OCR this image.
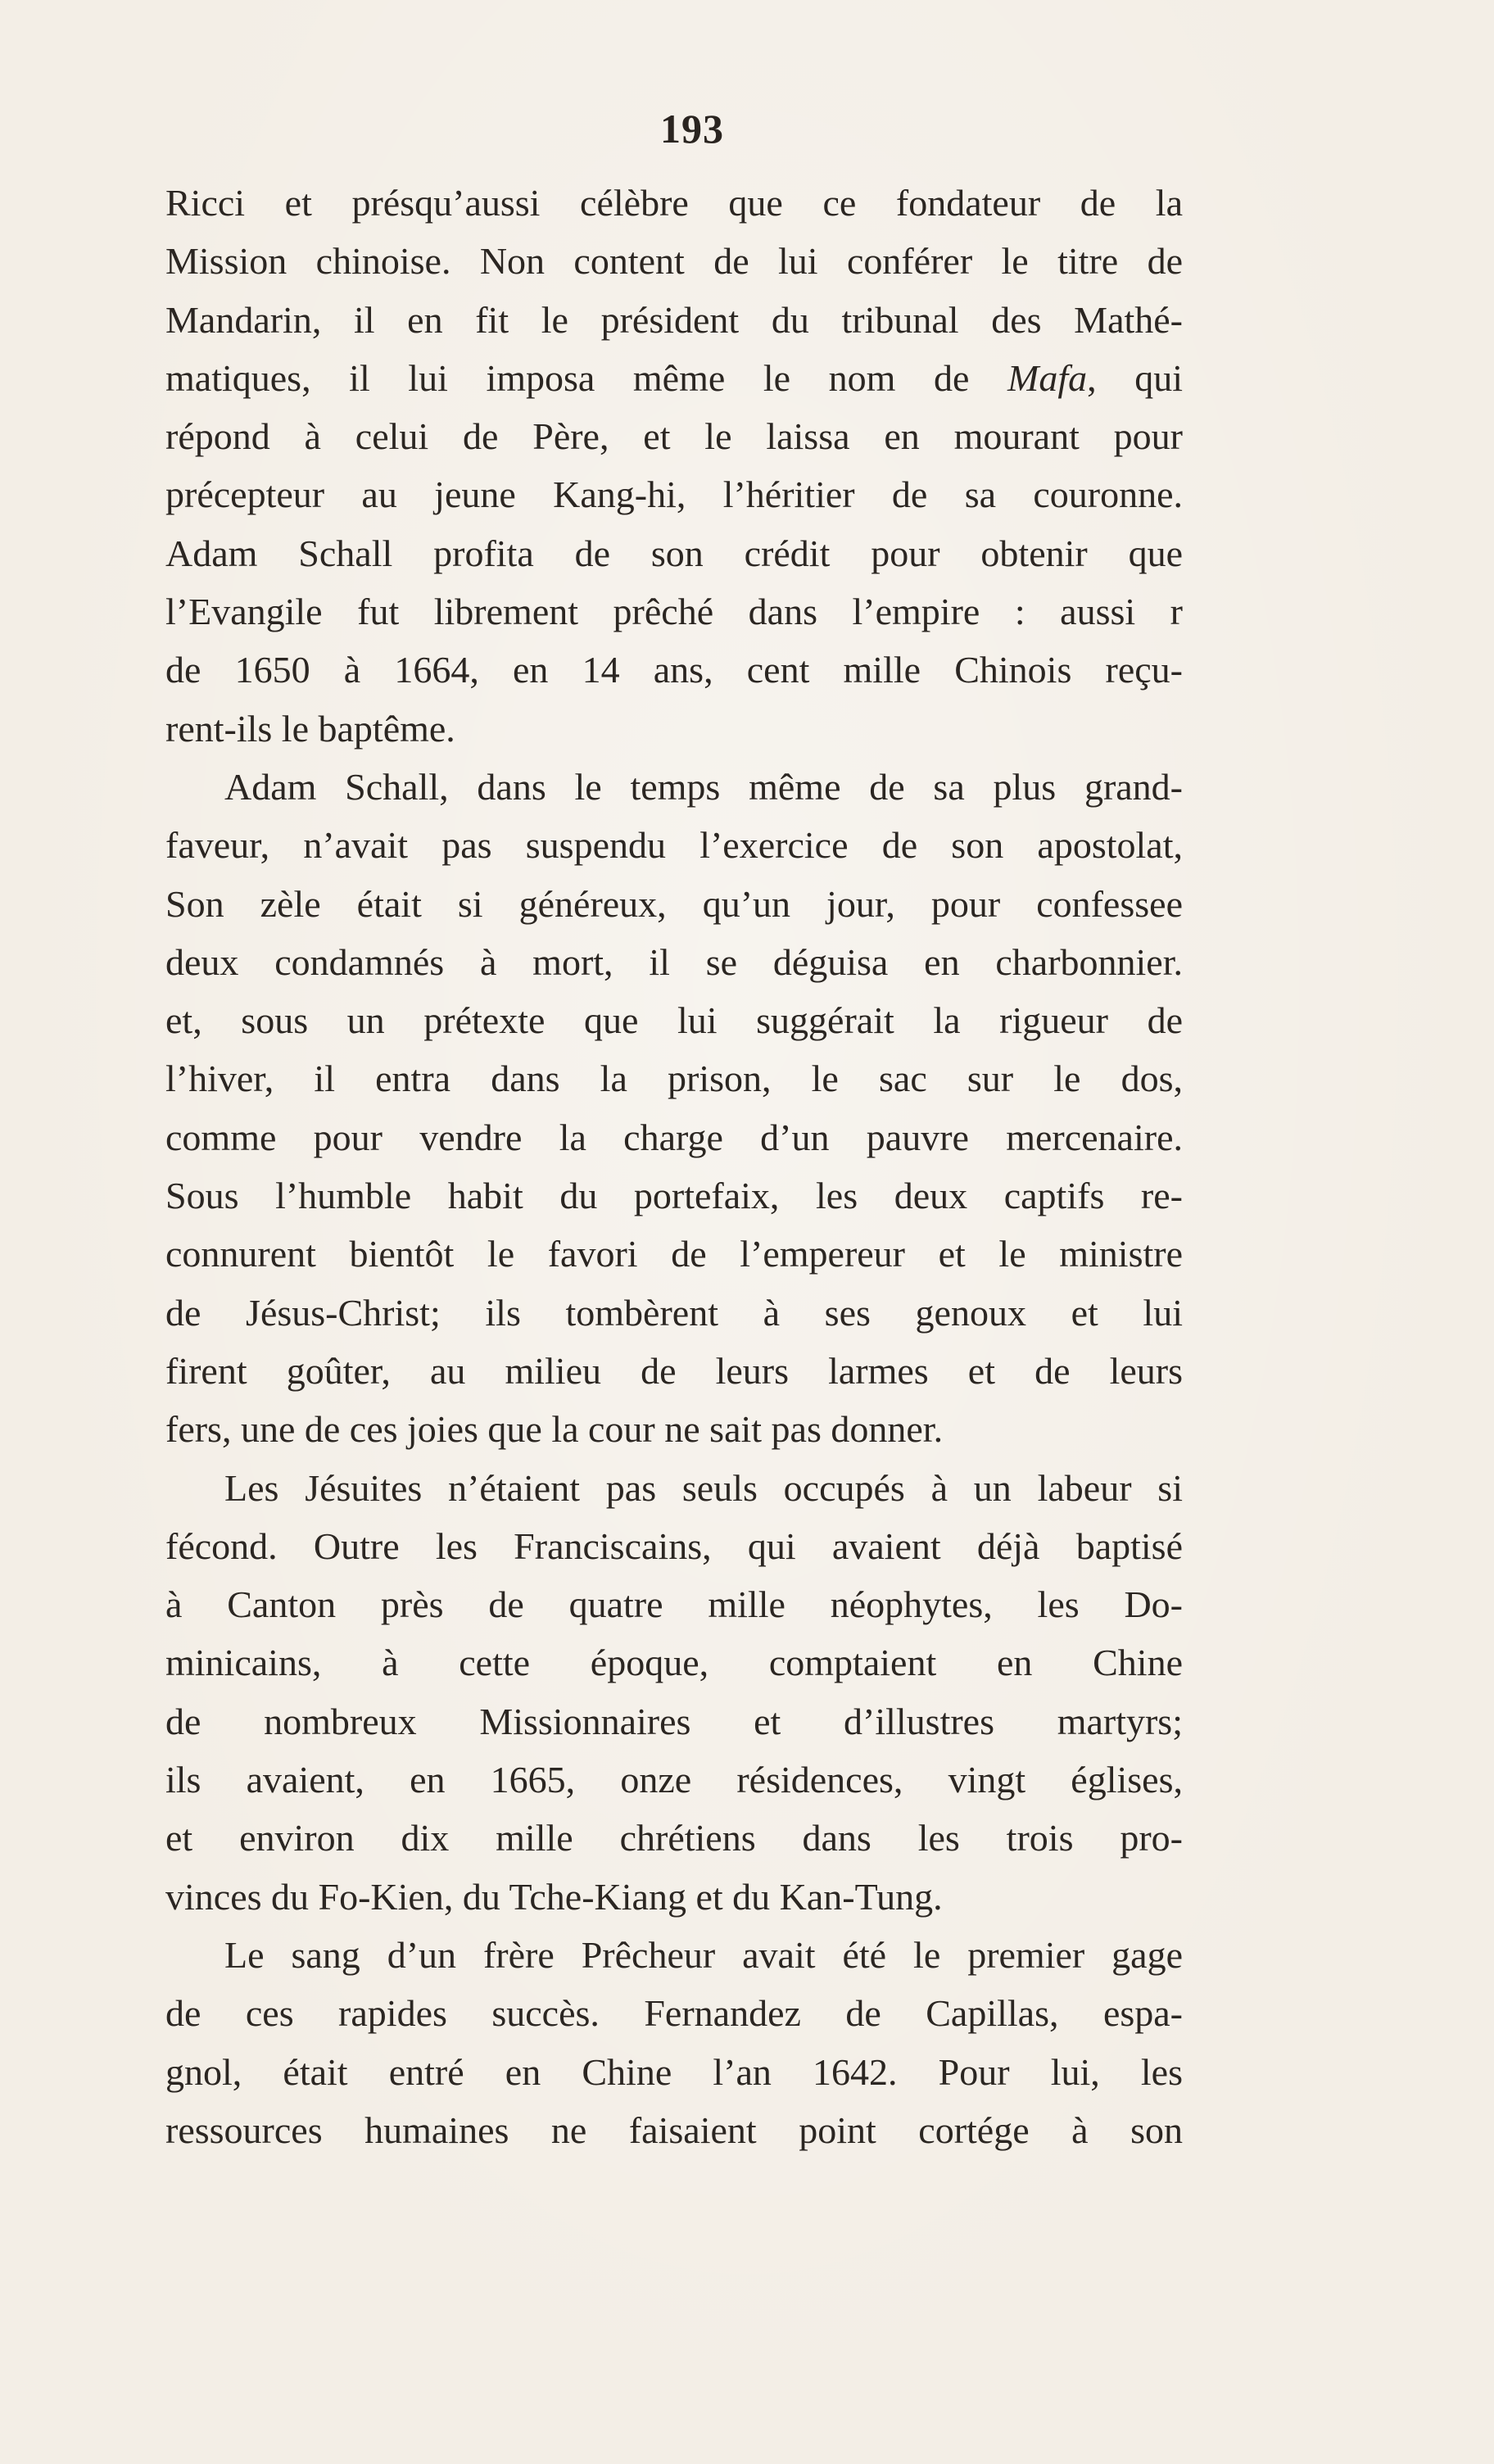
193
Ricci et présqu’aussi célèbre que ce fondateur de la
Mission chinoise. Non content de lui conférer le titre de
Mandarin, il en fit le président du tribunal des Mathé-
matiques, il lui imposa même le nom de Mafa, qui
répond à celui de Père, et le laissa en mourant pour
précepteur au jeune Kang-hi, l’héritier de sa couronne.
Adam Schall profita de son crédit pour obtenir que
l’Evangile fut librement prêché dans l’empire : aussi r
de 1650 à 1664, en 14 ans, cent mille Chinois reçu-
rent-ils le baptême.
Adam Schall, dans le temps même de sa plus grand-
faveur, n’avait pas suspendu l’exercice de son apostolat,
Son zèle était si généreux, qu’un jour, pour confessee
deux condamnés à mort, il se déguisa en charbonnier.
et, sous un prétexte que lui suggérait la rigueur de
l’hiver, il entra dans la prison, le sac sur le dos,
comme pour vendre la charge d’un pauvre mercenaire.
Sous l’humble habit du portefaix, les deux captifs re-
connurent bientôt le favori de l’empereur et le ministre
de Jésus-Christ; ils tombèrent à ses genoux et lui
firent goûter, au milieu de leurs larmes et de leurs
fers, une de ces joies que la cour ne sait pas donner.
Les Jésuites n’étaient pas seuls occupés à un labeur si
fécond. Outre les Franciscains, qui avaient déjà baptisé
à Canton près de quatre mille néophytes, les Do-
minicains, à cette époque, comptaient en Chine
de nombreux Missionnaires et d’illustres martyrs;
ils avaient, en 1665, onze résidences, vingt églises,
et environ dix mille chrétiens dans les trois pro-
vinces du Fo-Kien, du Tche-Kiang et du Kan-Tung.
Le sang d’un frère Prêcheur avait été le premier gage
de ces rapides succès. Fernandez de Capillas, espa-
gnol, était entré en Chine l’an 1642. Pour lui, les
ressources humaines ne faisaient point cortége à son
